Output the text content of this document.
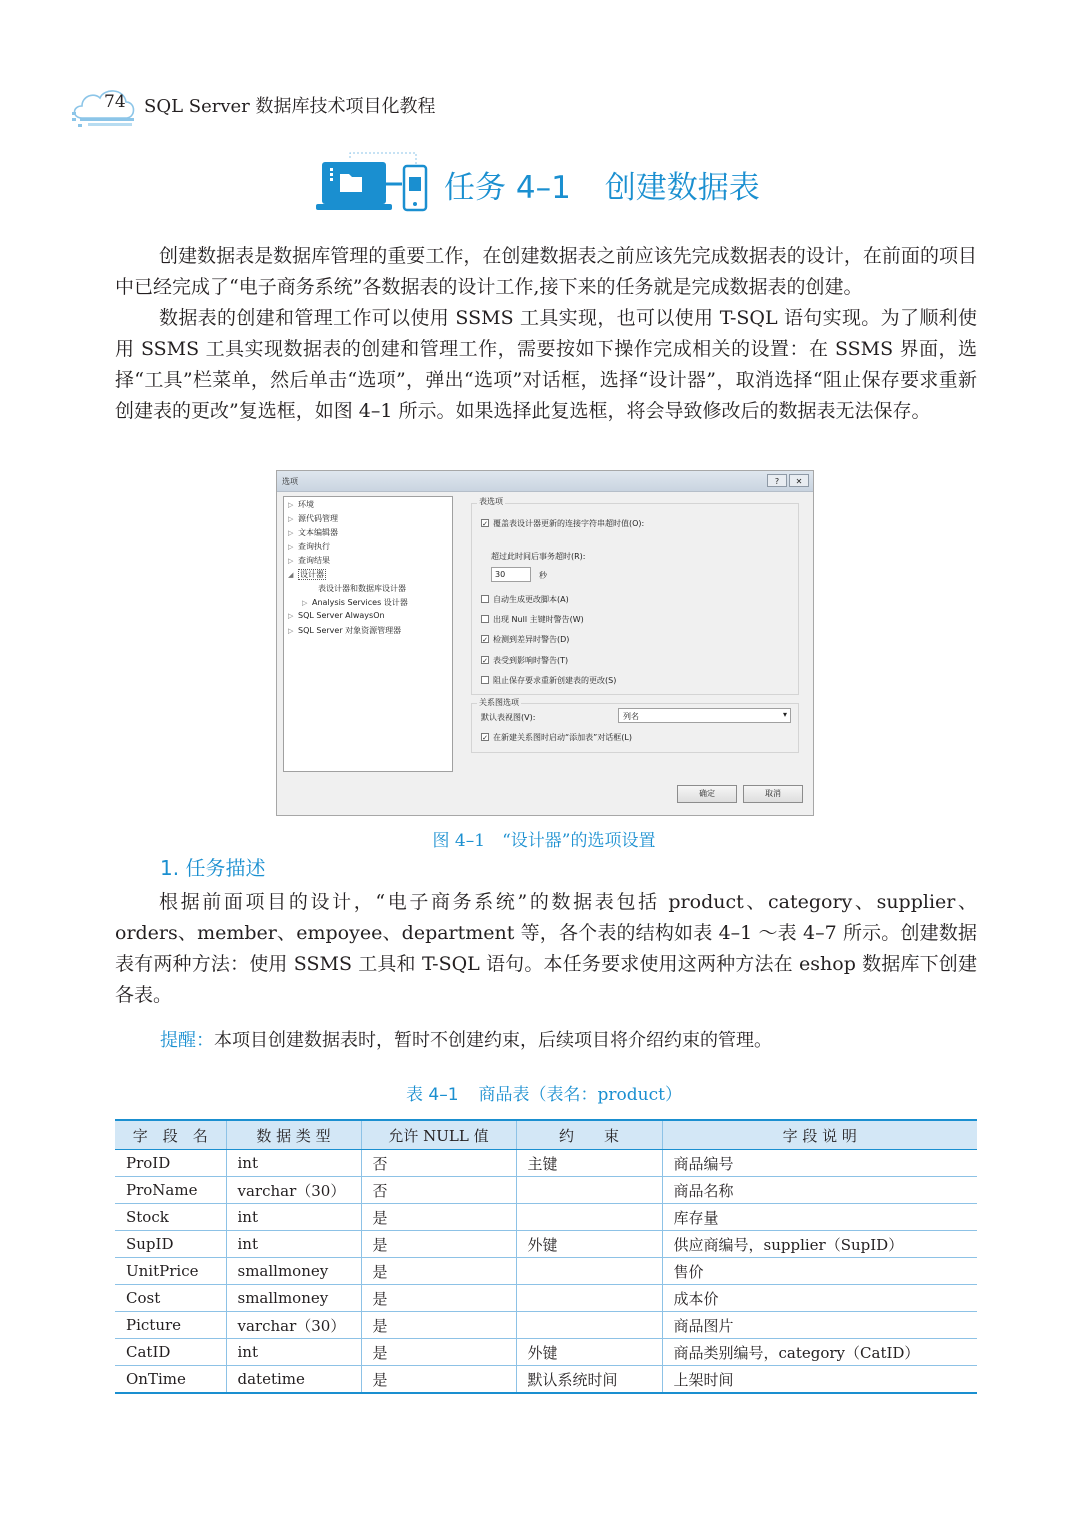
74 SQL Server 数据库技术项目化教程
任务 4–1 创建数据表

创建数据表是数据库管理的重要工作，在创建数据表之前应该先完成数据表的设计，在前面的项目中已经完成了“电子商务系统”各数据表的设计工作,接下来的任务就是完成数据表的创建。

数据表的创建和管理工作可以使用 SSMS 工具实现，也可以使用 T-SQL 语句实现。为了顺利使用 SSMS 工具实现数据表的创建和管理工作，需要按如下操作完成相关的设置：在 SSMS 界面，选择“工具”栏菜单，然后单击“选项”，弹出“选项”对话框，选择“设计器”，取消选择“阻止保存要求重新创建表的更改”复选框，如图 4–1 所示。如果选择此复选框，将会导致修改后的数据表无法保存。

选项	?	✕
▷ 环境
▷ 源代码管理
▷ 文本编辑器
▷ 查询执行
▷ 查询结果
◢ 设计器
表设计器和数据库设计器
▷ Analysis Services 设计器
▷ SQL Server AlwaysOn
▷ SQL Server 对象资源管理器
表选项
✓ 覆盖表设计器更新的连接字符串超时值(O):
超过此时间后事务超时(R):
30	秒
自动生成更改脚本(A)
出现 Null 主键时警告(W)
✓ 检测到差异时警告(D)
✓ 表受到影响时警告(T)
阻止保存要求重新创建表的更改(S)
关系图选项
默认表视图(V):	列名	▾
✓ 在新建关系图时启动“添加表”对话框(L)
确定	取消
图 4–1　“设计器”的选项设置
1. 任务描述

根据前面项目的设计，“电子商务系统”的数据表包括 product、category、supplier、orders、member、empoyee、department 等，各个表的结构如表 4–1 ～表 4–7 所示。创建数据表有两种方法：使用 SSMS 工具和 T-SQL 语句。本任务要求使用这两种方法在 eshop 数据库下创建各表。

提醒：本项目创建数据表时，暂时不创建约束，后续项目将介绍约束的管理。
表 4–1 商品表（表名：product）
字　段　名	数 据 类 型	允许 NULL 值	约　　束	字 段 说 明
ProID	int	否	主键	商品编号
ProName	varchar（30）	否		商品名称
Stock	int	是		库存量
SupID	int	是	外键	供应商编号，supplier（SupID）
UnitPrice	smallmoney	是		售价
Cost	smallmoney	是		成本价
Picture	varchar（30）	是		商品图片
CatID	int	是	外键	商品类别编号，category（CatID）
OnTime	datetime	是	默认系统时间	上架时间
